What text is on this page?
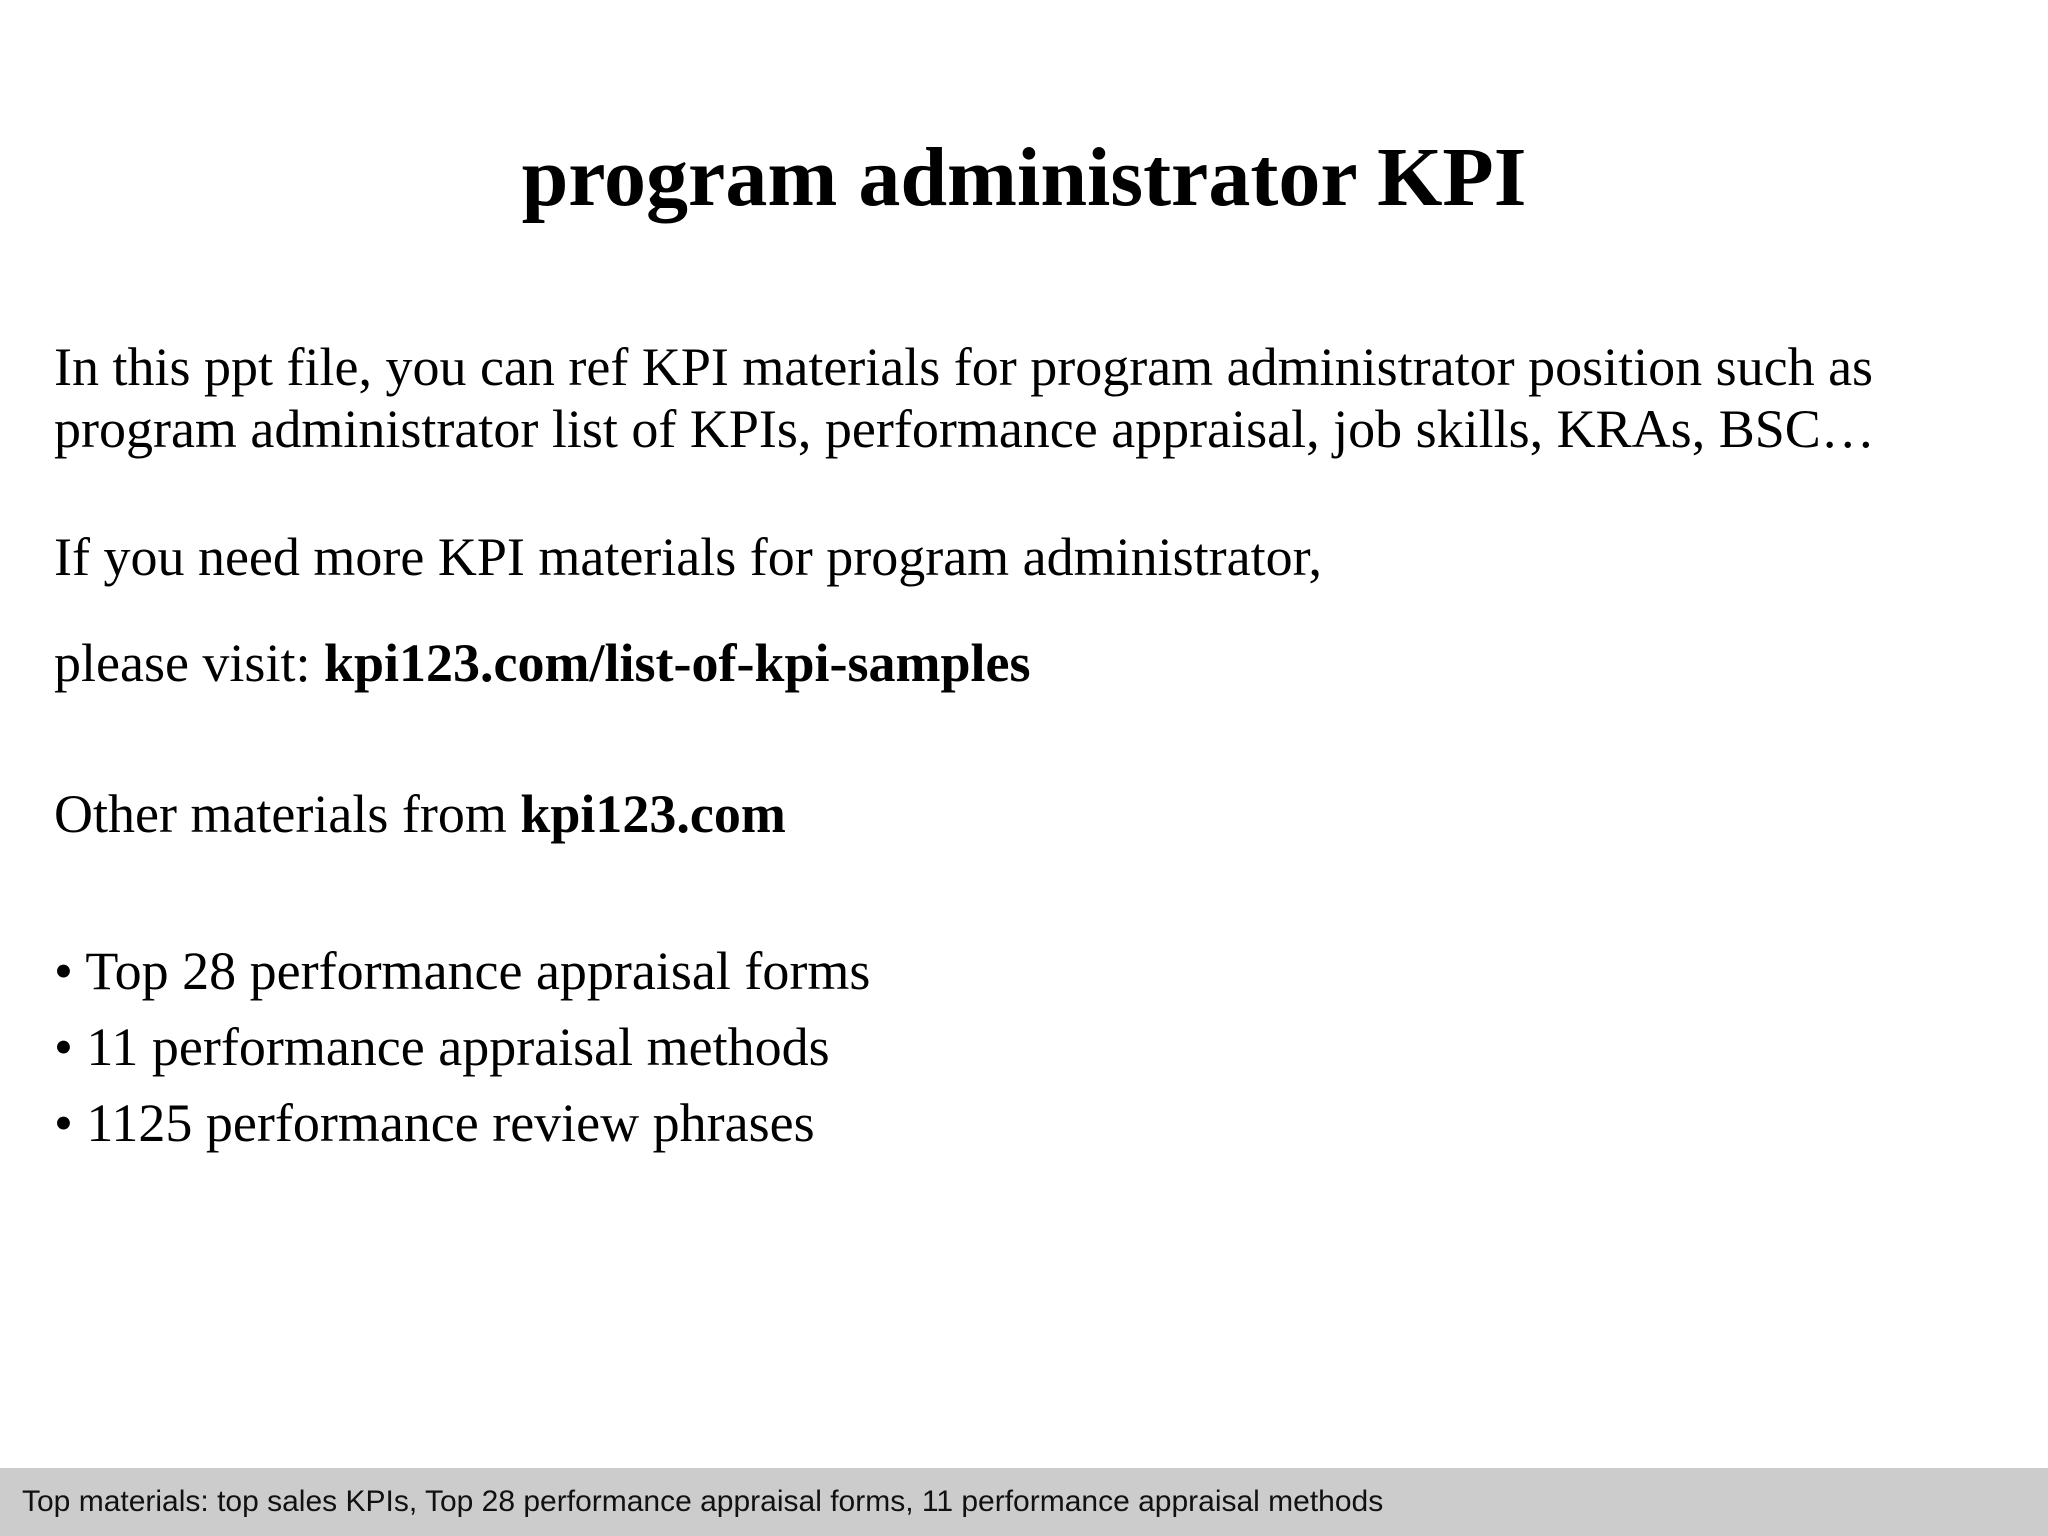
program administrator KPI
In this ppt file, you can ref KPI materials for program administrator position such as
program administrator list of KPIs, performance appraisal, job skills, KRAs, BSC…
If you need more KPI materials for program administrator,
please visit: kpi123.com/list-of-kpi-samples
Other materials from kpi123.com
• Top 28 performance appraisal forms
• 11 performance appraisal methods
• 1125 performance review phrases
Top materials: top sales KPIs, Top 28 performance appraisal forms, 11 performance appraisal methods
